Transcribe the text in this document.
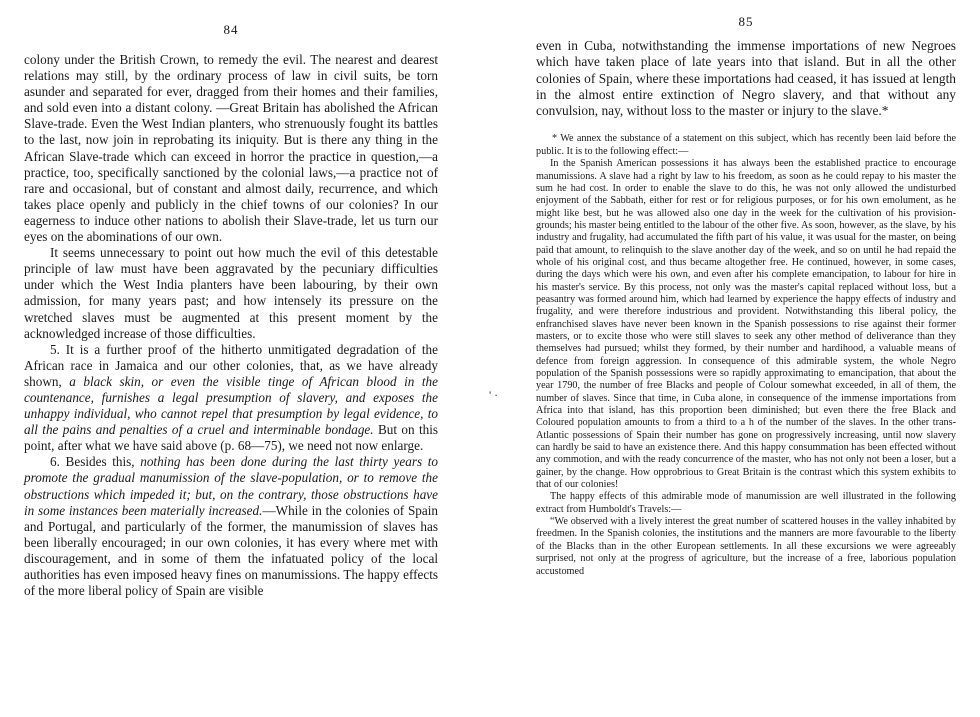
84

colony under the British Crown, to remedy the evil. The nearest and dearest relations may still, by the ordinary process of law in civil suits, be torn asunder and separated for ever, dragged from their homes and their families, and sold even into a distant colony. —Great Britain has abolished the African Slave-trade. Even the West Indian planters, who strenuously fought its battles to the last, now join in reprobating its iniquity. But is there any thing in the African Slave-trade which can exceed in horror the practice in question,—a practice, too, specifically sanctioned by the colonial laws,—a practice not of rare and occasional, but of constant and almost daily, recurrence, and which takes place openly and publicly in the chief towns of our colonies? In our eagerness to induce other nations to abolish their Slave-trade, let us turn our eyes on the abominations of our own.

It seems unnecessary to point out how much the evil of this detestable principle of law must have been aggravated by the pecuniary difficulties under which the West India planters have been labouring, by their own admission, for many years past; and how intensely its pressure on the wretched slaves must be augmented at this present moment by the acknowledged increase of those difficulties.

5. It is a further proof of the hitherto unmitigated degradation of the African race in Jamaica and our other colonies, that, as we have already shown, a black skin, or even the visible tinge of African blood in the countenance, furnishes a legal presumption of slavery, and exposes the unhappy individual, who cannot repel that presumption by legal evidence, to all the pains and penalties of a cruel and interminable bondage. But on this point, after what we have said above (p. 68—75), we need not now enlarge.

6. Besides this, nothing has been done during the last thirty years to promote the gradual manumission of the slave-population, or to remove the obstructions which impeded it; but, on the contrary, those obstructions have in some instances been materially increased.—While in the colonies of Spain and Portugal, and particularly of the former, the manumission of slaves has been liberally encouraged; in our own colonies, it has every where met with discouragement, and in some of them the infatuated policy of the local authorities has even imposed heavy fines on manumissions. The happy effects of the more liberal policy of Spain are visible

' ·
85

even in Cuba, notwithstanding the immense importations of new Negroes which have taken place of late years into that island. But in all the other colonies of Spain, where these importations had ceased, it has issued at length in the almost entire extinction of Negro slavery, and that without any convulsion, nay, without loss to the master or injury to the slave.*

* We annex the substance of a statement on this subject, which has recently been laid before the public. It is to the following effect:—

In the Spanish American possessions it has always been the established practice to encourage manumissions. A slave had a right by law to his freedom, as soon as he could repay to his master the sum he had cost. In order to enable the slave to do this, he was not only allowed the undisturbed enjoyment of the Sabbath, either for rest or for religious purposes, or for his own emolument, as he might like best, but he was allowed also one day in the week for the cultivation of his provision-grounds; his master being entitled to the labour of the other five. As soon, however, as the slave, by his industry and frugality, had accumulated the fifth part of his value, it was usual for the master, on being paid that amount, to relinquish to the slave another day of the week, and so on until he had repaid the whole of his original cost, and thus became altogether free. He continued, however, in some cases, during the days which were his own, and even after his complete emancipation, to labour for hire in his master's service. By this process, not only was the master's capital replaced without loss, but a peasantry was formed around him, which had learned by experience the happy effects of industry and frugality, and were therefore industrious and provident. Notwithstanding this liberal policy, the enfranchised slaves have never been known in the Spanish possessions to rise against their former masters, or to excite those who were still slaves to seek any other method of deliverance than they themselves had pursued; whilst they formed, by their number and hardihood, a valuable means of defence from foreign aggression. In consequence of this admirable system, the whole Negro population of the Spanish possessions were so rapidly approximating to emancipation, that about the year 1790, the number of free Blacks and people of Colour somewhat exceeded, in all of them, the number of slaves. Since that time, in Cuba alone, in consequence of the immense importations from Africa into that island, has this proportion been diminished; but even there the free Black and Coloured population amounts to from a third to a h of the number of the slaves. In the other trans-Atlantic possessions of Spain their number has gone on progressively increasing, until now slavery can hardly be said to have an existence there. And this happy consummation has been effected without any commotion, and with the ready concurrence of the master, who has not only not been a loser, but a gainer, by the change. How opprobrious to Great Britain is the contrast which this system exhibits to that of our colonies!

The happy effects of this admirable mode of manumission are well illustrated in the following extract from Humboldt's Travels:—

“We observed with a lively interest the great number of scattered houses in the valley inhabited by freedmen. In the Spanish colonies, the institutions and the manners are more favourable to the liberty of the Blacks than in the other European settlements. In all these excursions we were agreeably surprised, not only at the progress of agriculture, but the increase of a free, laborious population accustomed
